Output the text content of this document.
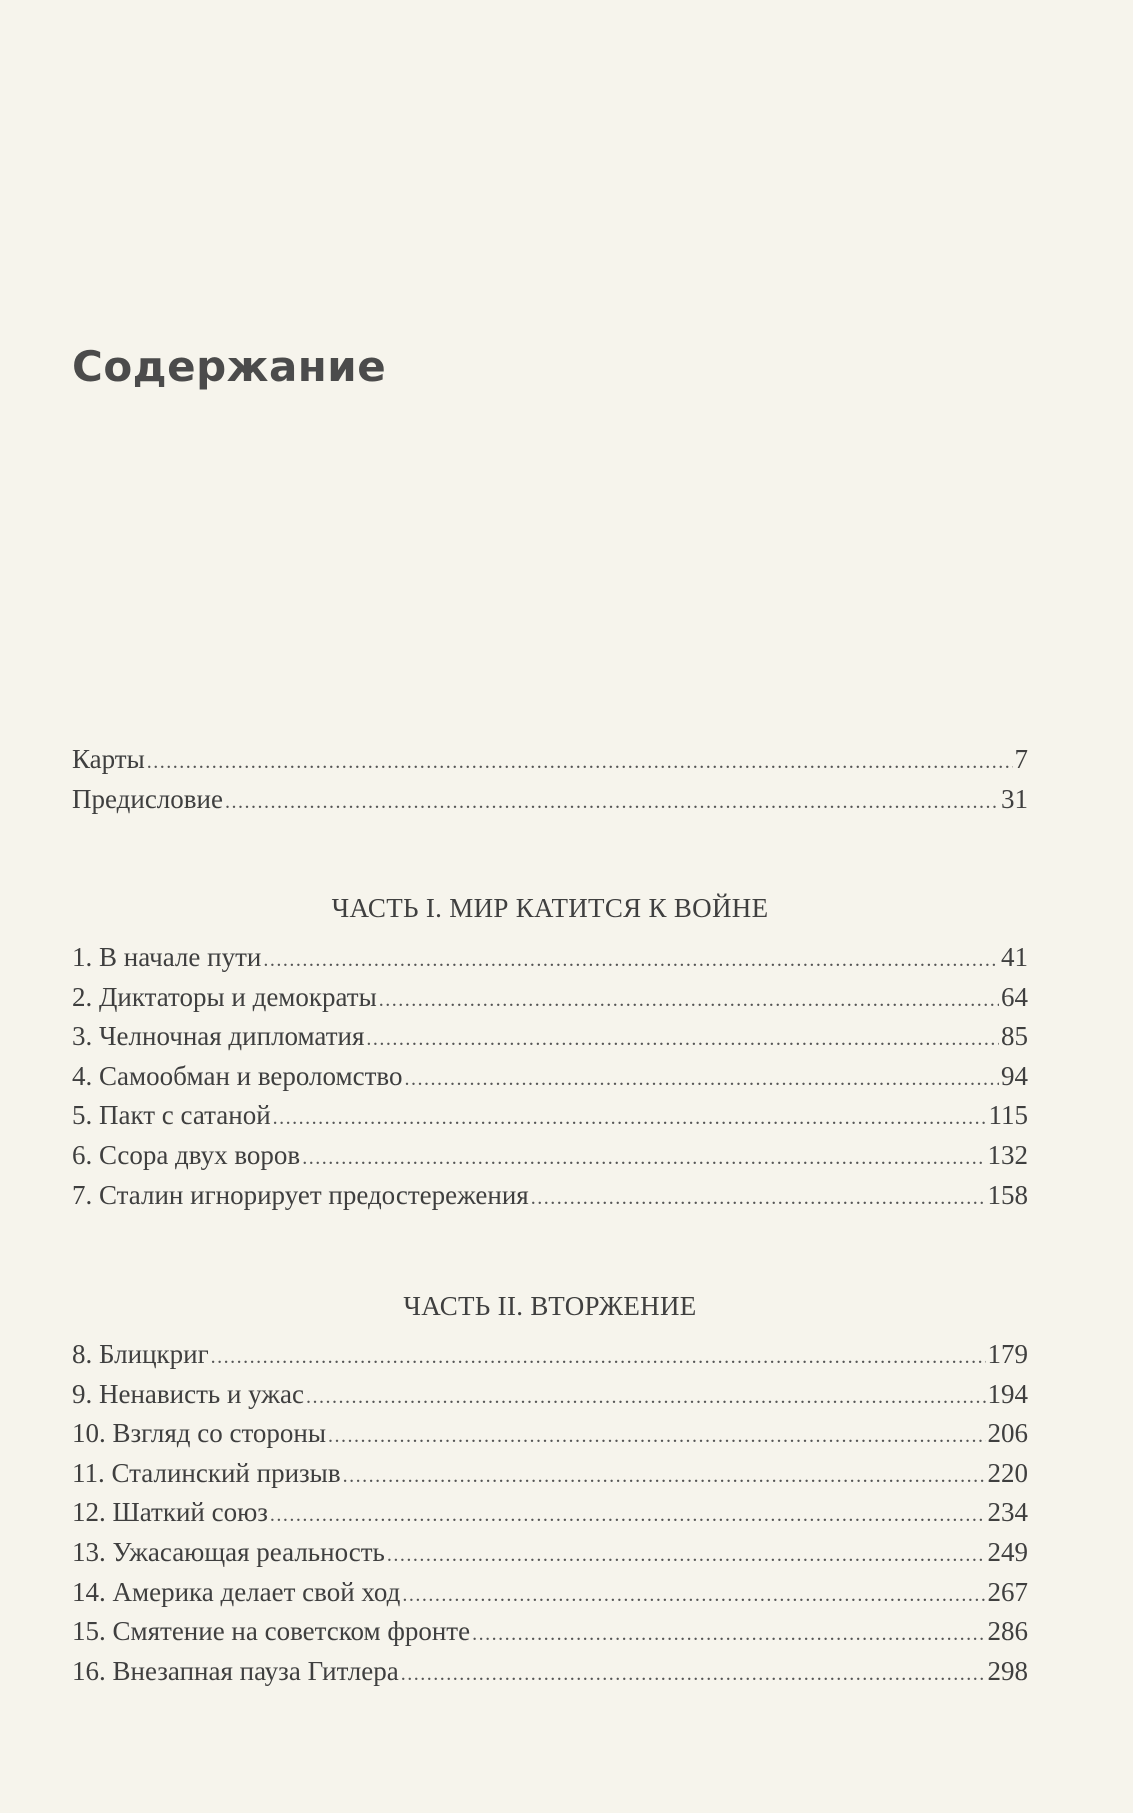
Содержание
Карты .....	7
Предисловие .....	31
ЧАСТЬ I. МИР КАТИТСЯ К ВОЙНЕ
1. В начале пути .....	41
2. Диктаторы и демократы .....	64
3. Челночная дипломатия .....	85
4. Самообман и вероломство .....	94
5. Пакт с сатаной .....	115
6. Ссора двух воров .....	132
7. Сталин игнорирует предостережения .....	158
ЧАСТЬ II. ВТОРЖЕНИЕ
8. Блицкриг .....	179
9. Ненависть и ужас .....	194
10. Взгляд со стороны .....	206
11. Сталинский призыв .....	220
12. Шаткий союз .....	234
13. Ужасающая реальность .....	249
14. Америка делает свой ход .....	267
15. Смятение на советском фронте .....	286
16. Внезапная пауза Гитлера .....	298
